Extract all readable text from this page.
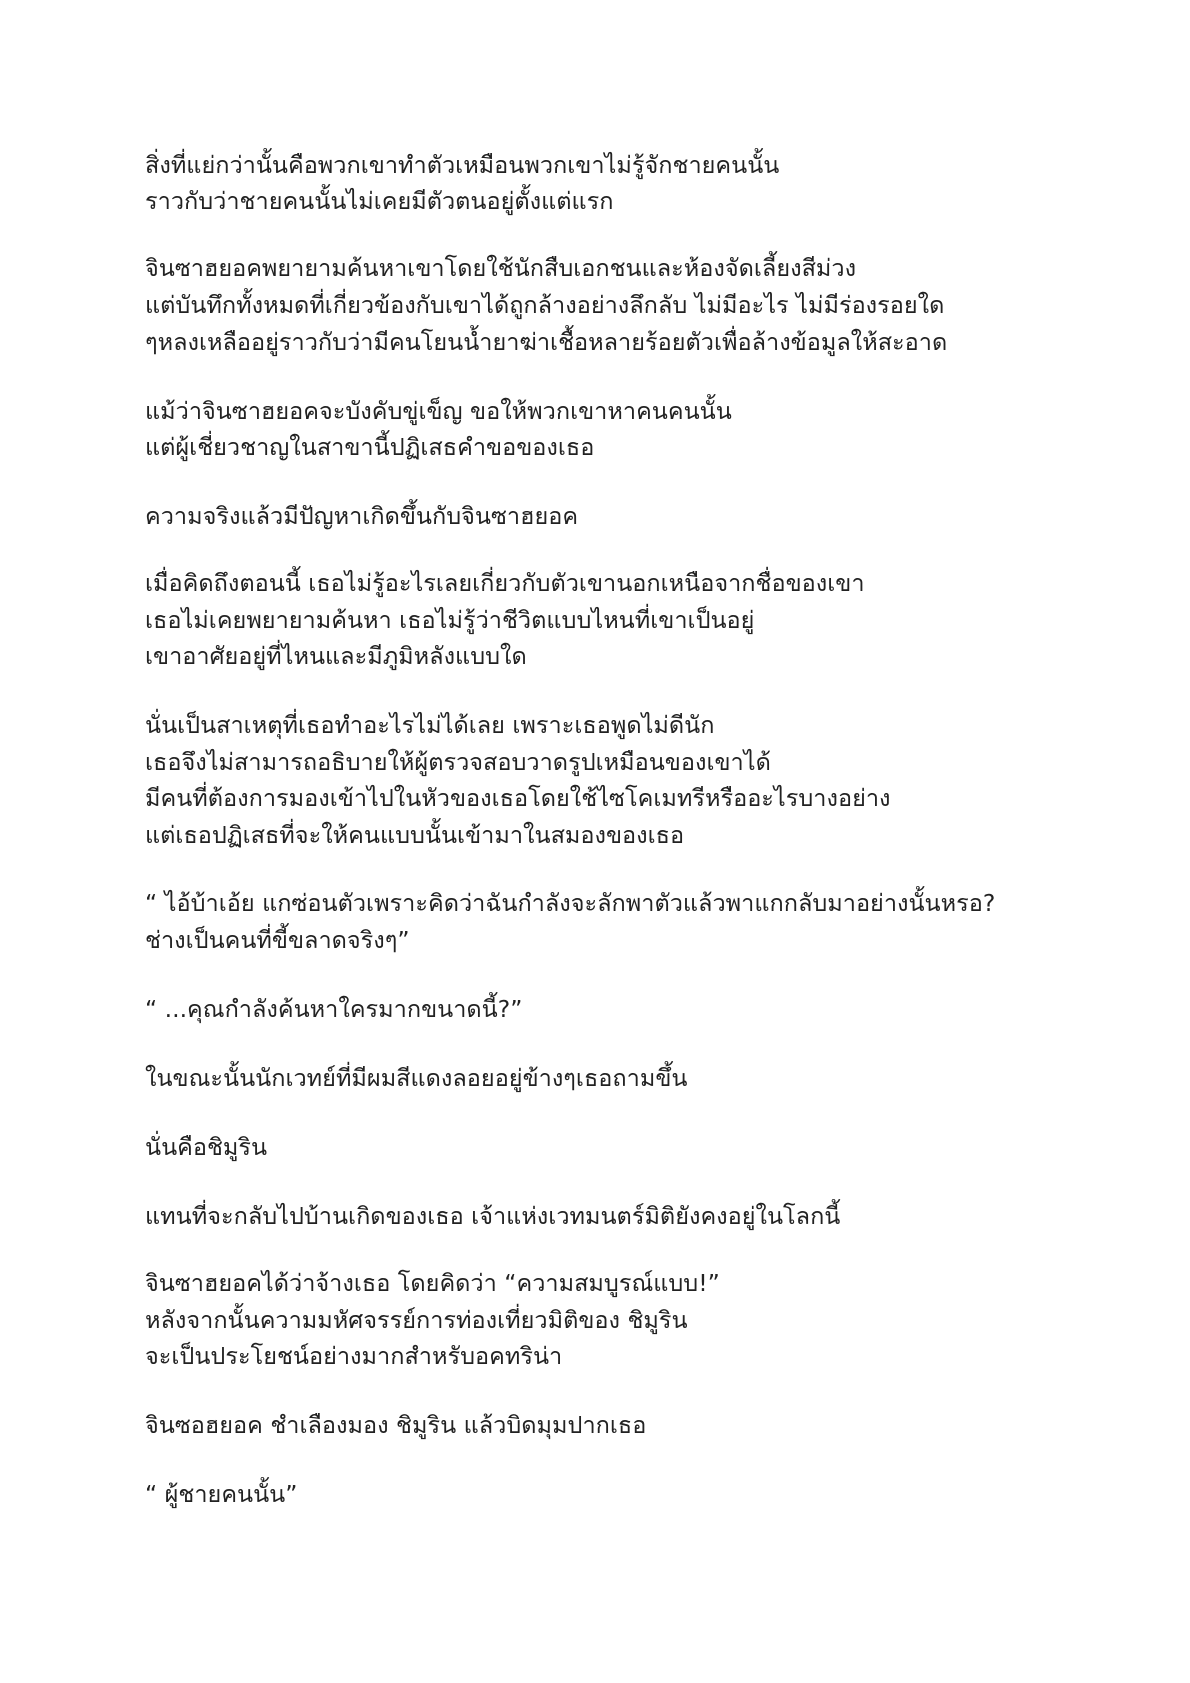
สิ่งที่แย่กว่านั้นคือพวกเขาทำตัวเหมือนพวกเขาไม่รู้จักชายคนนั้น

ราวกับว่าชายคนนั้นไม่เคยมีตัวตนอยู่ตั้งแต่แรก

จินซาฮยอคพยายามค้นหาเขาโดยใช้นักสืบเอกชนและห้องจัดเลี้ยงสีม่วง

แต่บันทึกทั้งหมดที่เกี่ยวข้องกับเขาได้ถูกล้างอย่างลึกลับ ไม่มีอะไร ไม่มีร่องรอยใด

ๆหลงเหลืออยู่ราวกับว่ามีคนโยนน้ำยาฆ่าเชื้อหลายร้อยตัวเพื่อล้างข้อมูลให้สะอาด

แม้ว่าจินซาฮยอคจะบังคับขู่เข็ญ ขอให้พวกเขาหาคนคนนั้น

แต่ผู้เชี่ยวชาญในสาขานี้ปฏิเสธคำขอของเธอ

ความจริงแล้วมีปัญหาเกิดขึ้นกับจินซาฮยอค

เมื่อคิดถึงตอนนี้ เธอไม่รู้อะไรเลยเกี่ยวกับตัวเขานอกเหนือจากชื่อของเขา

เธอไม่เคยพยายามค้นหา เธอไม่รู้ว่าชีวิตแบบไหนที่เขาเป็นอยู่

เขาอาศัยอยู่ที่ไหนและมีภูมิหลังแบบใด

นั่นเป็นสาเหตุที่เธอทำอะไรไม่ได้เลย เพราะเธอพูดไม่ดีนัก

เธอจึงไม่สามารถอธิบายให้ผู้ตรวจสอบวาดรูปเหมือนของเขาได้

มีคนที่ต้องการมองเข้าไปในหัวของเธอโดยใช้ไซโคเมทรีหรืออะไรบางอย่าง

แต่เธอปฏิเสธที่จะให้คนแบบนั้นเข้ามาในสมองของเธอ

“ ไอ้บ้าเอ้ย แกซ่อนตัวเพราะคิดว่าฉันกำลังจะลักพาตัวแล้วพาแกกลับมาอย่างนั้นหรอ?

ช่างเป็นคนที่ขี้ขลาดจริงๆ”

“ ...คุณกำลังค้นหาใครมากขนาดนี้?”

ในขณะนั้นนักเวทย์ที่มีผมสีแดงลอยอยู่ข้างๆเธอถามขึ้น

นั่นคือชิมูริน

แทนที่จะกลับไปบ้านเกิดของเธอ เจ้าแห่งเวทมนตร์มิติยังคงอยู่ในโลกนี้

จินซาฮยอคได้ว่าจ้างเธอ โดยคิดว่า “ความสมบูรณ์แบบ!”

หลังจากนั้นความมหัศจรรย์การท่องเที่ยวมิติของ ชิมูริน

จะเป็นประโยชน์อย่างมากสำหรับอคทริน่า

จินซอฮยอค ชำเลืองมอง ชิมูริน แล้วบิดมุมปากเธอ

“ ผู้ชายคนนั้น”
